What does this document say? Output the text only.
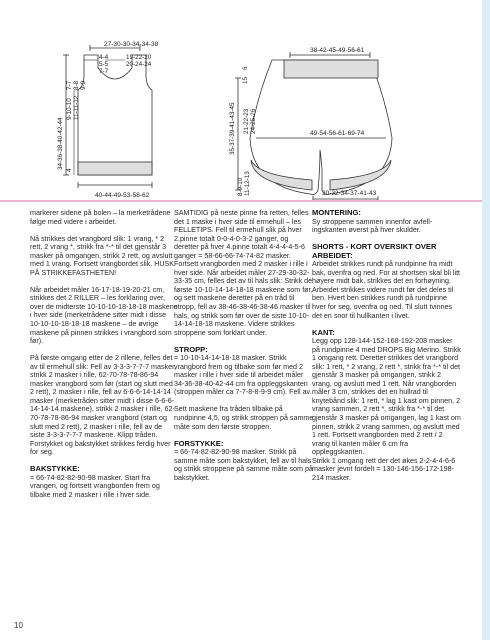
27-30-30-34-34-38
4-4
5-5
7-7
19-22-20
20-24-24
34-36-38-40-42-44
9-10-10 11-11-12
7-7 8-8 9-9
4
40-44-49-53-58-62
38-42-45-49-56-61
6
15
35-37-39-41-43-45 21-22-23 24-25-26	49-54-56-61-69-74
8-9-10 11-12-13	30-32-34-37-41-43

markerer sidene på bolen – la merketrådene følge med videre i arbeidet.

Nå strikkes det vrangbord slik: 1 vrang, * 2 rett, 2 vrang *, strikk fra *-* til det gjenstår 3 masker på omgangen, strikk 2 rett, og avslutt med 1 vrang. Fortsett vrangbordet slik. HUSK PÅ STRIKKEFASTHETEN!

Når arbeidet måler 16-17-18-19-20-21 cm, strikkes det 2 RILLER – les forklaring over, over de midterste 10-10-10-18-18-18 maskene i hver side (merketrådene sitter midt i disse 10-10-10-18-18-18 maskene – de øvrige maskene på pinnen strikkes i vrangbord som før).

På første omgang etter de 2 rillene, felles det av til ermehull slik: Fell av 3-3-3-7-7-7 masker, strikk 2 masker i rille, 62-70-78-78-86-94 masker vrangbord som før (start og slutt med 2 rett), 2 masker i rille, fell av 6-6-6-14-14-14 masker (merketråden sitter midt i disse 6-6-6-14-14-14 maskene), strikk 2 masker i rille, 62-70-78-78-86-94 masker vrangbord (start og slutt med 2 rett), 2 masker i rille, fell av de siste 3-3-3-7-7-7 maskene. Klipp tråden. Forstykket og bakstykket strikkes ferdig hver for seg.

BAKSTYKKE:

= 66-74-82-82-90-98 masker. Start fra vrangen, og fortsett vrangborden frem og tilbake med 2 masker i rille i hver side.

SAMTIDIG på neste pinne fra retten, felles det 1 maske i hver side til ermehull – les FELLETIPS. Fell til ermehull slik på hver 2.pinne totalt 0-0-4-0-3-2 ganger, og deretter på hver 4.pinne totalt 4-4-4-4-5-6 ganger = 58-66-66-74-74-82 masker. Fortsett vrangborden med 2 masker i rille i hver side. Når arbeidet måler 27-29-30-32-33-35 cm, felles det av til hals slik: Strikk de første 10-10-14-14-18-18 maskene som før, og sett maskene deretter på en tråd til stropp, fell av 38-46-38-46-38-46 masker til hals, og strikk som før over de siste 10-10-14-14-18-18 maskene. Videre strikkes stroppene som forklart under.

STROPP:

= 10-10-14-14-18-18 masker. Strikk vrangbord frem og tilbake som før med 2 masker i rille i hver side til arbeidet måler 34-36-38-40-42-44 cm fra oppleggskanten (stroppen måler ca 7-7-8-8-9-9 cm). Fell av.

Sett maskene fra tråden tilbake på rundpinne 4,5, og strikk stroppen på samme måte som den første stroppen.

FORSTYKKE:

= 66-74-82-82-90-98 masker. Strikk på samme måte som bakstykket, fell av til hals og strikk stroppene på samme måte som på bakstykket.

MONTERING:

Sy stroppene sammen innenfor avfellingskanten øverst på hver skulder.

SHORTS - KORT OVERSIKT OVER ARBEIDET:

Arbeidet strikkes rundt på rundpinne fra midt bak, ovenfra og ned. For at shortsen skal bli litt høyere midt bak, strikkes det en forhøyning. Arbeidet strikkes videre rundt før det deles til ben. Hvert ben strikkes rundt på rundpinne hver for seg, ovenfra og ned. Til slutt tvinnes det en snor til hullkanten i livet.

KANT:

Legg opp 128-144-152-168-192-208 masker på rundpinne 4 med DROPS Big Merino. Strikk 1 omgang rett. Deretter strikkes det vrangbord slik: 1 rett, * 2 vrang, 2 rett *, strikk fra *-* til det gjenstår 3 masker på omgangen, strikk 2 vrang, og avslutt med 1 rett. Når vrangborden måler 3 cm, strikkes det en hullrad til knytebånd slik: 1 rett, * lag 1 kast om pinnen, 2 vrang sammen, 2 rett *, strikk fra *-* til det gjenstår 3 masker på omgangen, lag 1 kast om pinnen, strikk 2 vrang sammen, og avslutt med 1 rett. Fortsett vrangborden med 2 rett / 2 vrang til kanten måler 6 cm fra oppleggskanten.

Strikk 1 omgang rett der det økes 2-2-4-4-6-6 masker jevnt fordelt = 130-146-156-172-198-214 masker.

10
